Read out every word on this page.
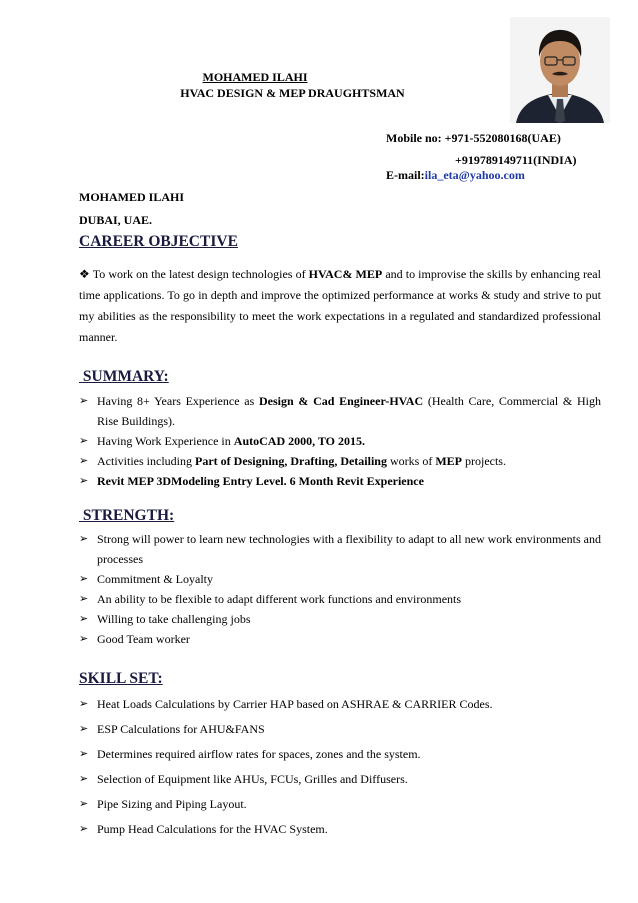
MOHAMED ILAHI
HVAC DESIGN & MEP DRAUGHTSMAN
Mobile no: +971-552080168(UAE)
+919789149711(INDIA)
E-mail:ila_eta@yahoo.com
MOHAMED ILAHI
DUBAI, UAE.
CAREER OBJECTIVE
❖ To work on the latest design technologies of HVAC& MEP and to improvise the skills by enhancing real time applications. To go in depth and improve the optimized performance at works & study and strive to put my abilities as the responsibility to meet the work expectations in a regulated and standardized professional manner.
SUMMARY:
➢ Having 8+ Years Experience as Design & Cad Engineer-HVAC (Health Care, Commercial & High Rise Buildings).
➢ Having Work Experience in AutoCAD 2000, TO 2015.
➢ Activities including Part of Designing, Drafting, Detailing works of MEP projects.
➢ Revit MEP 3DModeling Entry Level. 6 Month Revit Experience
STRENGTH:
➢ Strong will power to learn new technologies with a flexibility to adapt to all new work environments and processes
➢ Commitment & Loyalty
➢ An ability to be flexible to adapt different work functions and environments
➢ Willing to take challenging jobs
➢ Good Team worker
SKILL SET:
➢ Heat Loads Calculations by Carrier HAP based on ASHRAE & CARRIER Codes.
➢ ESP Calculations for AHU&FANS
➢ Determines required airflow rates for spaces, zones and the system.
➢ Selection of Equipment like AHUs, FCUs, Grilles and Diffusers.
➢ Pipe Sizing and Piping Layout.
➢ Pump Head Calculations for the HVAC System.
